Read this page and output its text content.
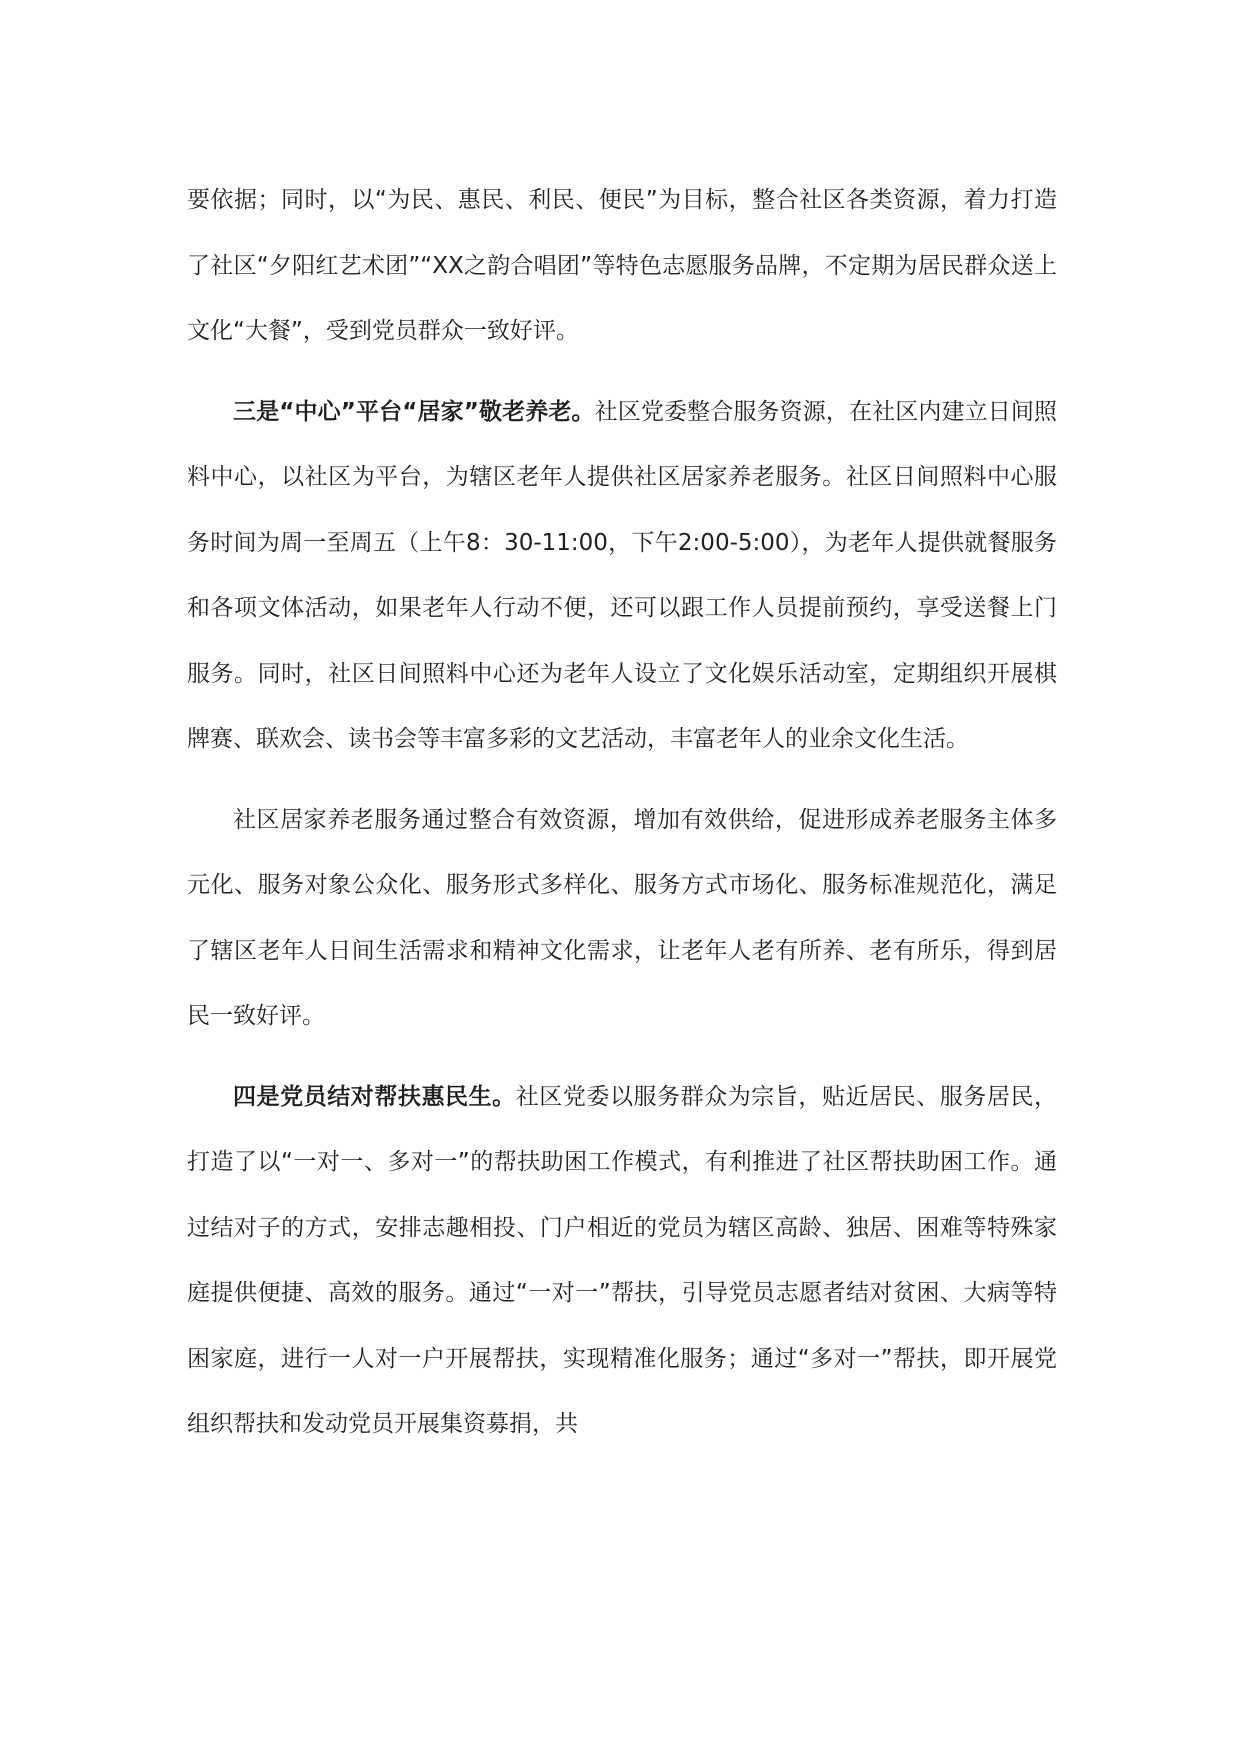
要依据；同时，以“为民、惠民、利民、便民”为目标，整合社区各类资源，着力打造了社区“夕阳红艺术团”“XX之韵合唱团”等特色志愿服务品牌，不定期为居民群众送上文化“大餐”，受到党员群众一致好评。

三是“中心”平台“居家”敬老养老。社区党委整合服务资源，在社区内建立日间照料中心，以社区为平台，为辖区老年人提供社区居家养老服务。社区日间照料中心服务时间为周一至周五（上午8：30-11:00，下午2:00-5:00），为老年人提供就餐服务和各项文体活动，如果老年人行动不便，还可以跟工作人员提前预约，享受送餐上门服务。同时，社区日间照料中心还为老年人设立了文化娱乐活动室，定期组织开展棋牌赛、联欢会、读书会等丰富多彩的文艺活动，丰富老年人的业余文化生活。

社区居家养老服务通过整合有效资源，增加有效供给，促进形成养老服务主体多元化、服务对象公众化、服务形式多样化、服务方式市场化、服务标准规范化，满足了辖区老年人日间生活需求和精神文化需求，让老年人老有所养、老有所乐，得到居民一致好评。

四是党员结对帮扶惠民生。社区党委以服务群众为宗旨，贴近居民、服务居民，打造了以“一对一、多对一”的帮扶助困工作模式，有利推进了社区帮扶助困工作。通过结对子的方式，安排志趣相投、门户相近的党员为辖区高龄、独居、困难等特殊家庭提供便捷、高效的服务。通过“一对一”帮扶，引导党员志愿者结对贫困、大病等特困家庭，进行一人对一户开展帮扶，实现精准化服务；通过“多对一”帮扶，即开展党组织帮扶和发动党员开展集资募捐，共
